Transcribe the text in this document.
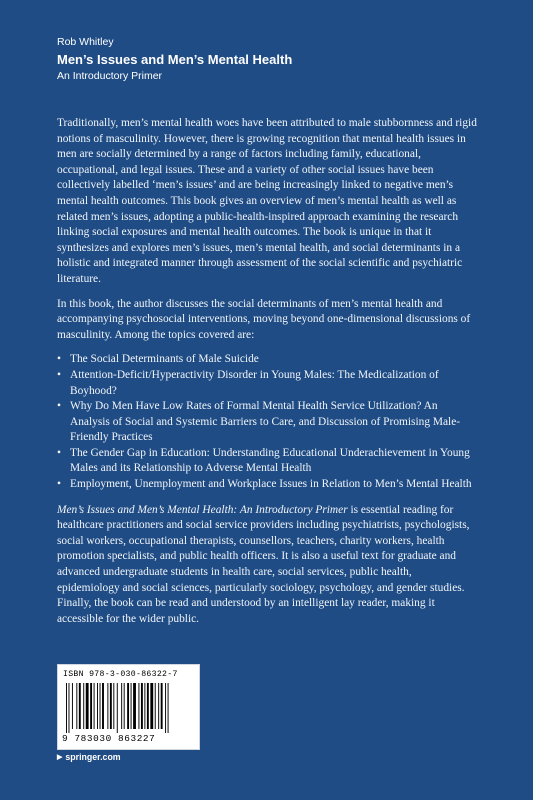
Rob Whitley
Men’s Issues and Men’s Mental Health
An Introductory Primer

Traditionally, men’s mental health woes have been attributed to male stubbornness and rigid notions of masculinity. However, there is growing recognition that mental health issues in men are socially determined by a range of factors including family, educational, occupational, and legal issues. These and a variety of other social issues have been collectively labelled ‘men’s issues’ and are being increasingly linked to negative men’s mental health outcomes. This book gives an overview of men’s mental health as well as related men’s issues, adopting a public-health-inspired approach examining the research linking social exposures and mental health outcomes. The book is unique in that it synthesizes and explores men’s issues, men’s mental health, and social determinants in a holistic and integrated manner through assessment of the social scientific and psychiatric literature.

In this book, the author discusses the social determinants of men’s mental health and accompanying psychosocial interventions, moving beyond one-dimensional discussions of masculinity. Among the topics covered are:

• The Social Determinants of Male Suicide
• Attention-Deficit/Hyperactivity Disorder in Young Males: The Medicalization of Boyhood?
• Why Do Men Have Low Rates of Formal Mental Health Service Utilization? An Analysis of Social and Systemic Barriers to Care, and Discussion of Promising Male-Friendly Practices
• The Gender Gap in Education: Understanding Educational Underachievement in Young Males and its Relationship to Adverse Mental Health
• Employment, Unemployment and Workplace Issues in Relation to Men’s Mental Health

Men’s Issues and Men’s Mental Health: An Introductory Primer is essential reading for healthcare practitioners and social service providers including psychiatrists, psychologists, social workers, occupational therapists, counsellors, teachers, charity workers, health promotion specialists, and public health officers. It is also a useful text for graduate and advanced undergraduate students in health care, social services, public health, epidemiology and social sciences, particularly sociology, psychology, and gender studies. Finally, the book can be read and understood by an intelligent lay reader, making it accessible for the wider public.

ISBN 978-3-030-86322-7
9 783030 863227
▶ springer.com
